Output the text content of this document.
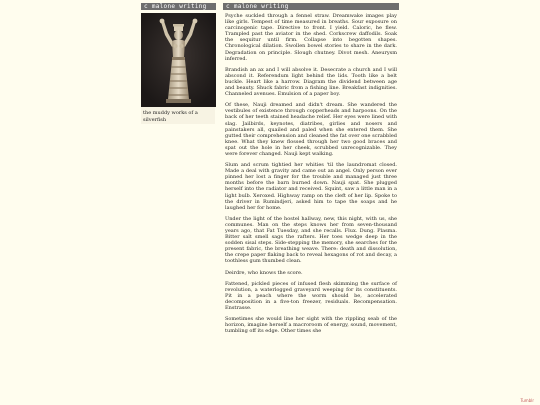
c malone writing
the muddy works of a
silverfish
c malone writing

Psyche suckled through a fennel straw. Dreamwake images play like girls. Tempest of time measured in breaths. Sour exposure on carcinogenic tape. Directive to front. I yield. Caloric, he flew. Trampled past the aviator in the shed. Corkscrew daffodils. Soak the sequitur until firm. Collapse into begotten shapes. Chronological dilation. Swollen bowel stories to share in the dark. Degradation on principle. Slough chutney. Divot mesh. Aneurysm inferred.

Brandish an ax and I will absolve it. Desecrate a church and I will abscond it. Referendum light behind the lids. Tooth like a belt buckle. Heart like a harrow. Diagram the dividend between age and beauty. Shuck fabric from a fishing line. Breakfast indignities. Channeled avenues. Emulsion of a paper boy.

Of these, Nauji dreamed and didn't dream. She wandered the vestibules of existence through copperheads and harpoons. On the back of her teeth stained headache relief. Her eyes were lined with slag. Jailbirds, keynotes, diatribes, girlies and nosers and painstakers all, quailed and paled when she entered them. She gutted their comprehension and cleaned the fat over one scrabbled knee. What they knew flossed through her two good braces and spat out the hole in her cheek, scrubbed unrecognizable. They were forever changed. Nauji kept walking.

Slum and scrum tightied her whities 'til the laundromat closed. Made a deal with gravity and came out an angel. Only person ever pinned her lost a finger for the trouble and managed just three months before the barn burned down. Nauji spat. She plugged herself into the radiator and received. Squint, saw a little man in a light bulb. Xeroxed. Highway ramp on the cleft of her lip. Spoke to the driver in Rumindjeri, asked him to tape the soaps and he laughed her for home.

Under the light of the hostel hallway, new, this night, with us, she communes. Man on the steps knows her from seven-thousand years ago, that Fat Tuesday, and she recalls. Flux. Dung. Plasma. Bitter salt smell sags the rafters. Her toes wedge deep in the sodden sisal steps. Side-stepping the memory, she searches for the present fabric, the breathing weave. There: death and dissolution, the crepe paper flaking back to reveal hexagons of rot and decay, a toothless gum thumbed clean.

Deirdre, who knows the score.

Fattened, pickled pieces of infused flesh skimming the surface of revolution, a waterlogged graveyard weeping for its constituents. Pit in a peach where the worm should be, accelerated decomposition in a five-ton freezer, residuals. Recompensation. Enstrasse.

Sometimes she would line her sight with the rippling seab of the horizon, imagine herself a macroroom of energy, sound, movement, tumbling off its edge. Other times she

Tumblr
